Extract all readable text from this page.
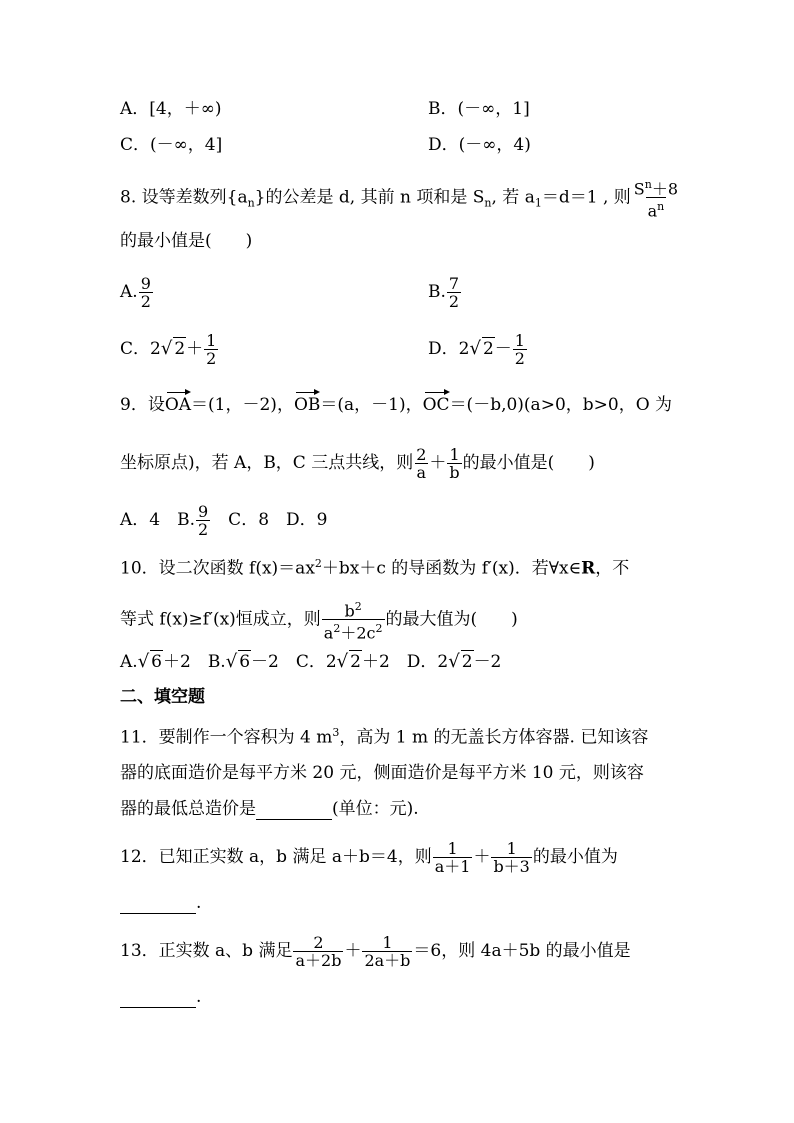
A．[4，＋∞)	B．(－∞，1]
C．(－∞，4]	D．(－∞，4)
8. 设等差数列$\{a_n\}$的公差是 d, 其前 n 项和是 $S_n$, 若 $a_1=d=1$ , 则 $\frac{S^n+8}{a^n}$
的最小值是(　　)
A. $\frac{9}{2}$	B. $\frac{7}{2}$
C．2√ $2+ \frac{1}{2}$	D．2√ $2- \frac{1}{2}$
9．设OA＝(1，－2)，OB＝(a，－1)，OC＝(－b,0)(a>0，b>0，O 为
坐标原点)，若 A，B，C 三点共线，则 $\frac{2}{a} + \frac{1}{b}$ 的最小值是(　　)
A．4　B. $\frac{9}{2}$ 　C．8　D．9
10．设二次函数 $f(x)=ax^2+bx+c$ 的导函数为 f′(x)．若∀x∈R，不
等式 f(x)≥f′(x)恒成立，则 $\frac{b^2}{a^2+2c^2}$ 的最大值为(　　)
A.√ 6＋2　B.√ 6－2　C．2√ 2＋2　D．2√ 2－2
二、填空题
11．要制作一个容积为 4 $m^3$，高为 1 m 的无盖长方体容器. 已知该容
器的底面造价是每平方米 20 元，侧面造价是每平方米 10 元，则该容
器的最低总造价是	(单位：元).
12．已知正实数 a，b 满足 a＋b＝4，则 $\frac{1}{a+1} + \frac{1}{b+3}$ 的最小值为
.
13．正实数 a、b 满足 $\frac{2}{a+2b} + \frac{1}{2a+b} =6$，则 4a＋5b 的最小值是
.
